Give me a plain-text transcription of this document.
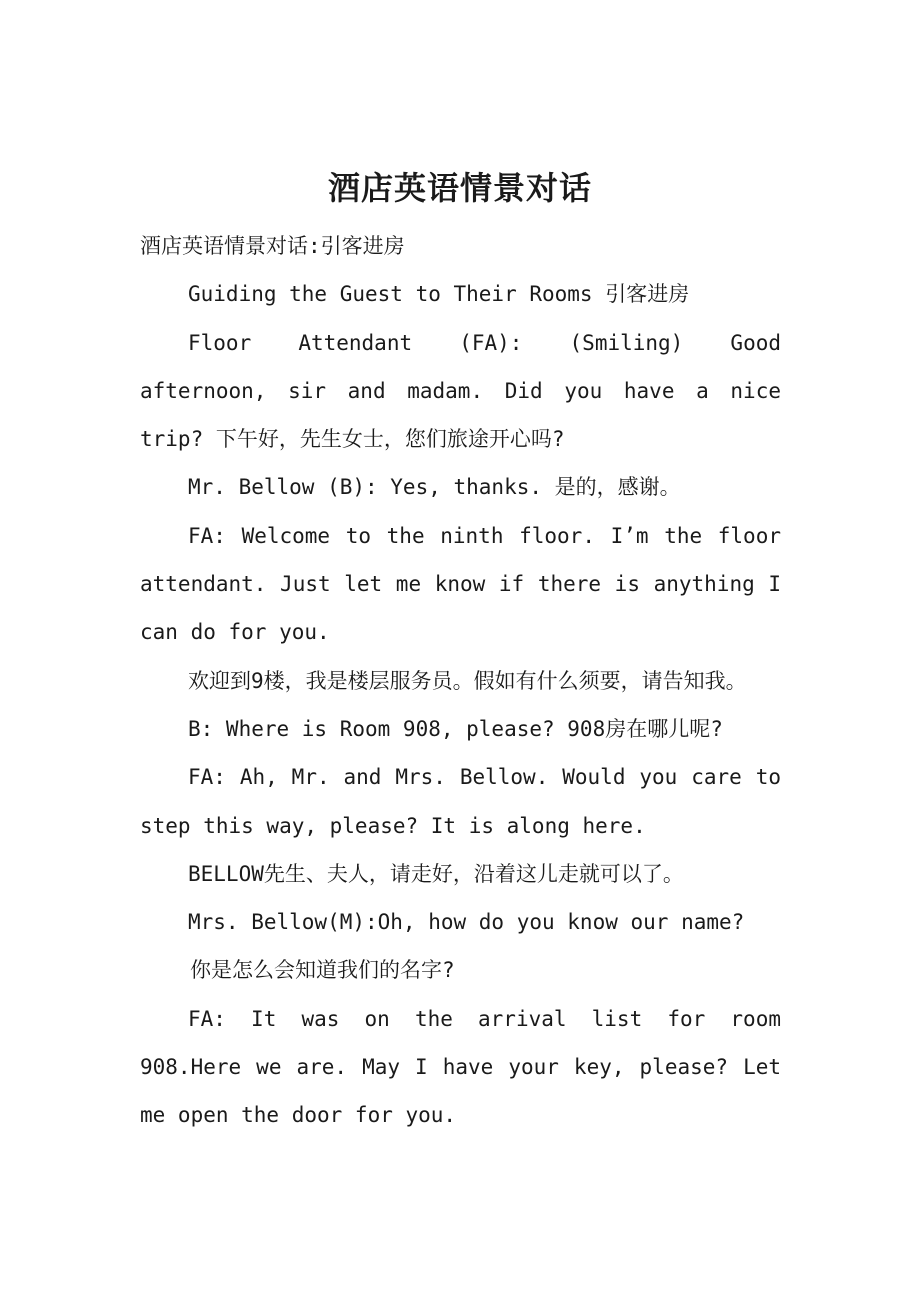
酒店英语情景对话

酒店英语情景对话:引客进房

Guiding the Guest to Their Rooms 引客进房

Floor Attendant (FA): (Smiling) Good afternoon, sir and madam. Did you have a nice trip? 下午好，先生女士，您们旅途开心吗?

Mr. Bellow (B): Yes, thanks. 是的，感谢。

FA: Welcome to the ninth floor. I’m the floor attendant. Just let me know if there is anything I can do for you.

欢迎到9楼，我是楼层服务员。假如有什么须要，请告知我。

B: Where is Room 908, please? 908房在哪儿呢?

FA: Ah, Mr. and Mrs. Bellow. Would you care to step this way, please? It is along here.

BELLOW先生、夫人，请走好，沿着这儿走就可以了。

Mrs. Bellow(M):Oh, how do you know our name?

你是怎么会知道我们的名字?

FA: It was on the arrival list for room 908.Here we are. May I have your key, please? Let me open the door for you.
